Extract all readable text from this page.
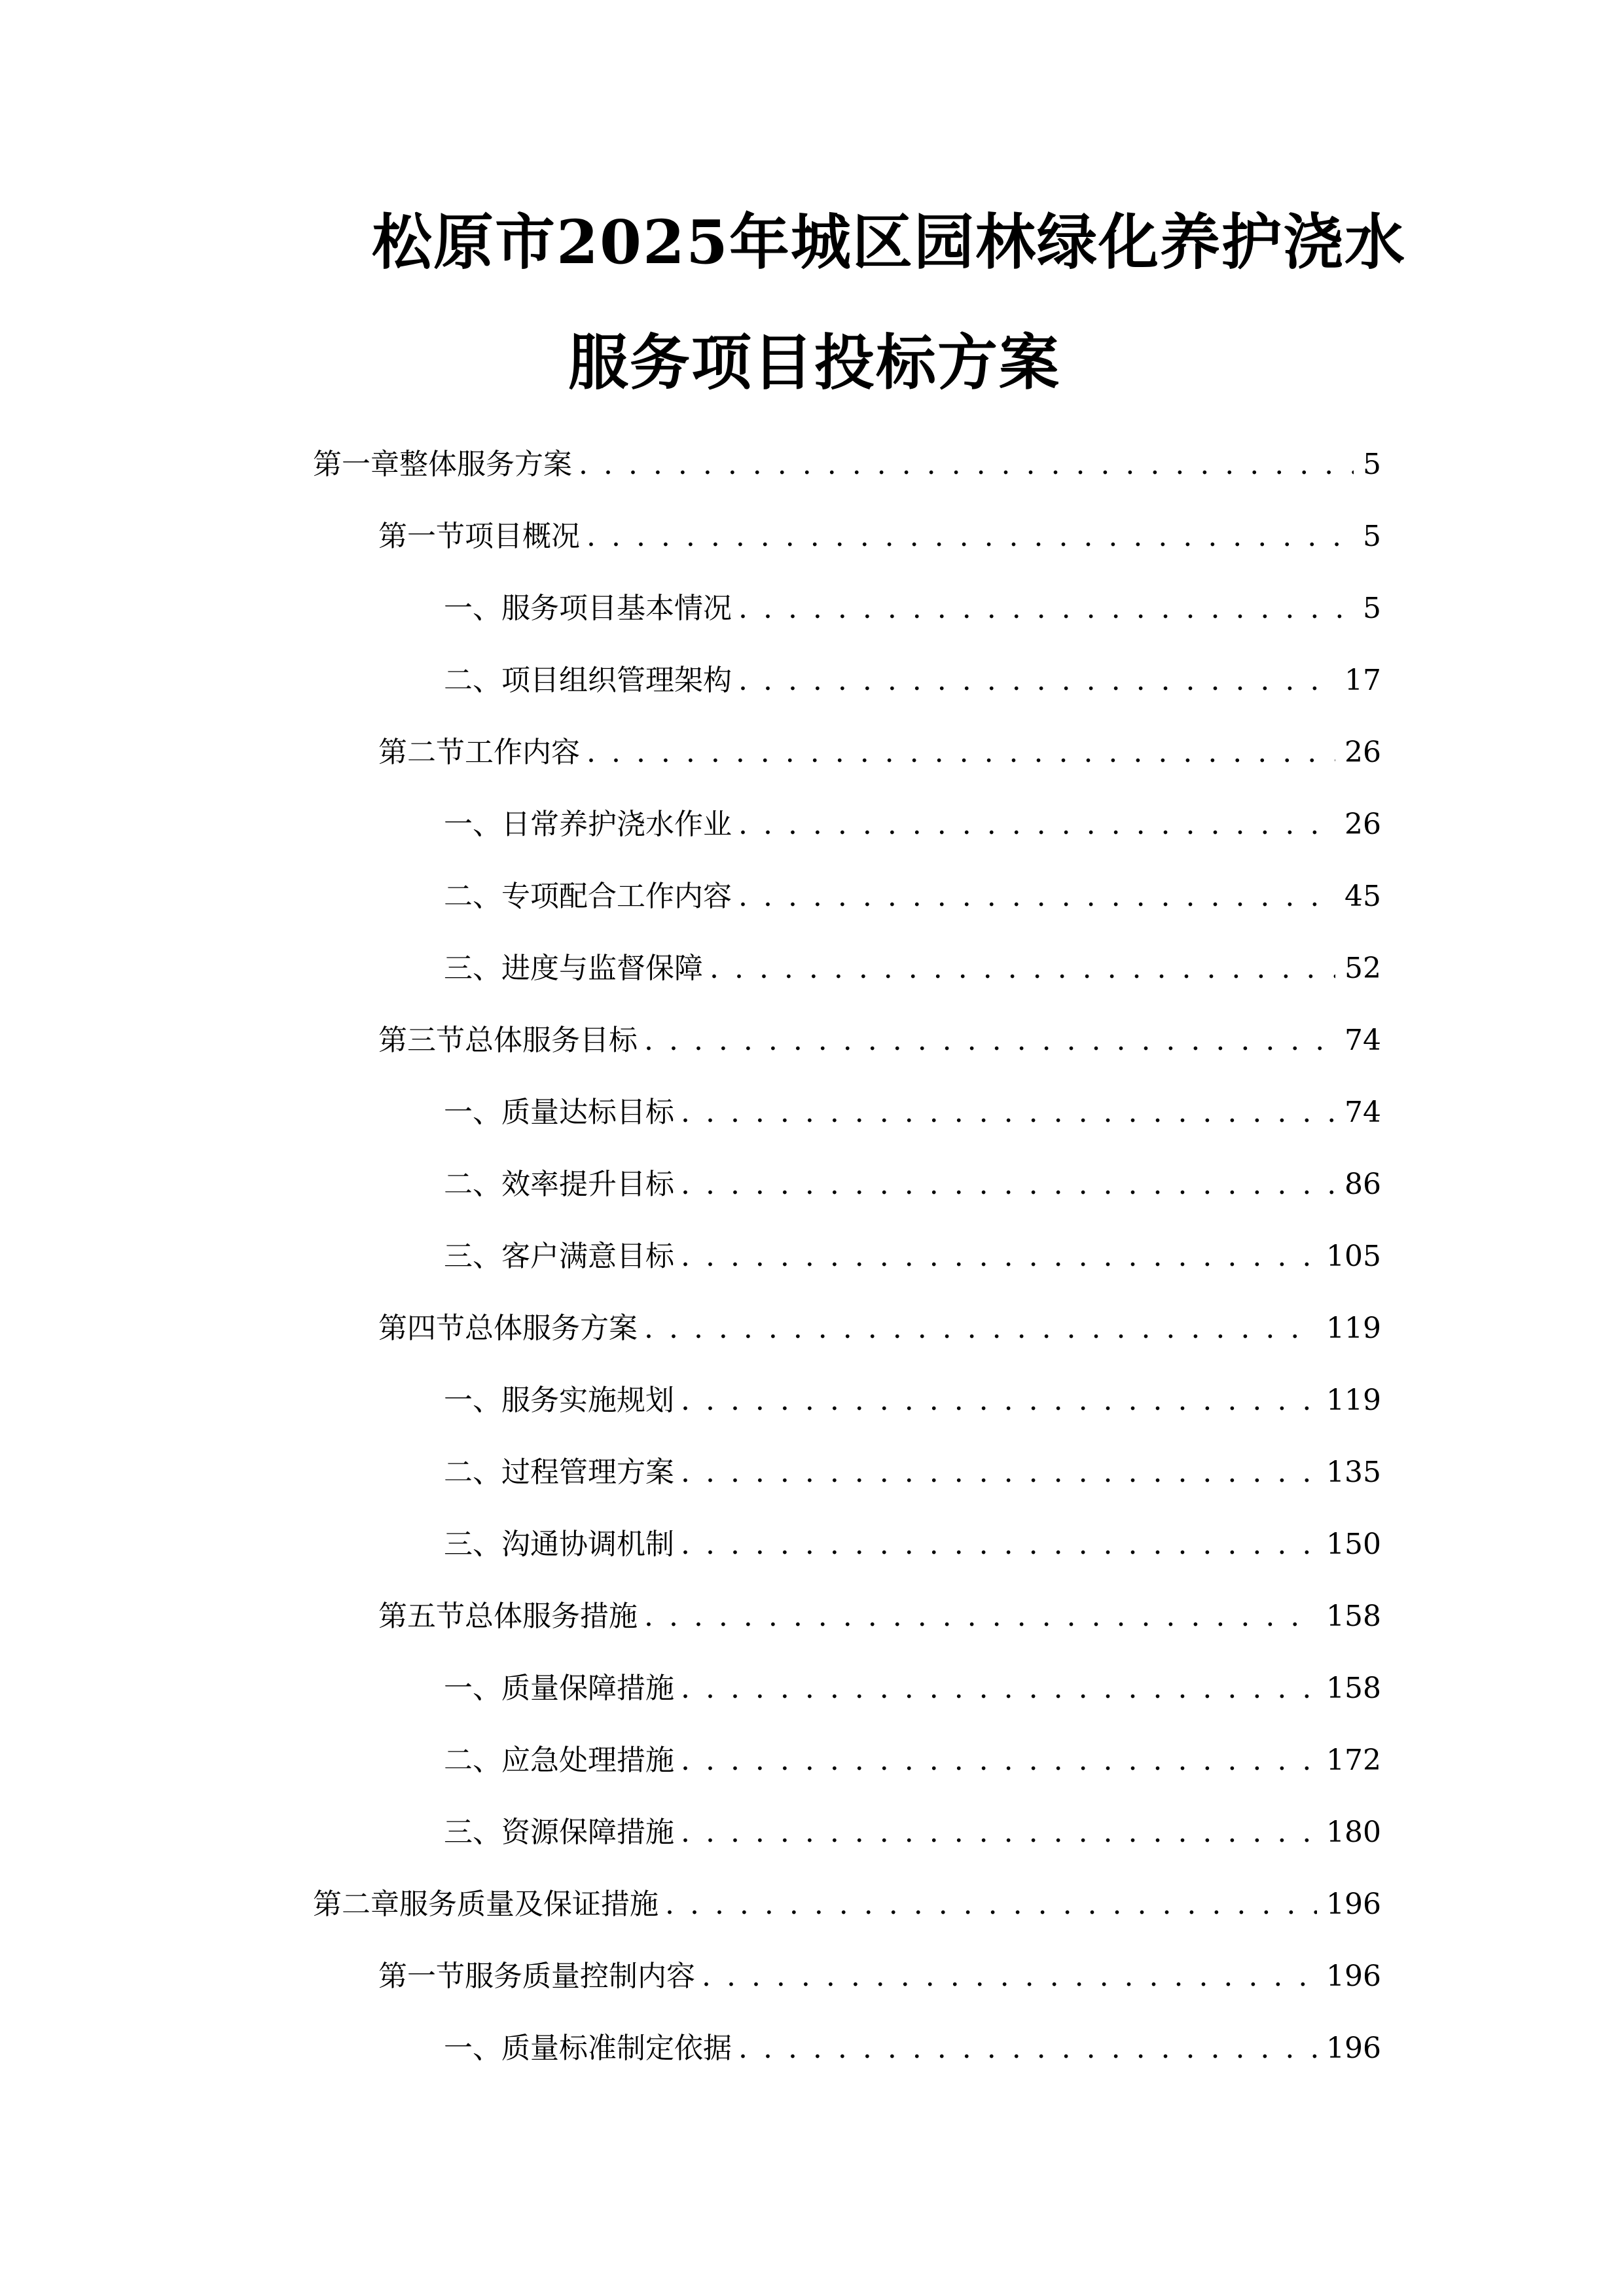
松原市2025年城区园林绿化养护浇水
服务项目投标方案
第一章 整体服务方案 . . .	5
第一节 项目概况 . . .	5
一、 服务项目基本情况 . . .	5
二、 项目组织管理架构 . . .	17
第二节 工作内容 . . .	26
一、 日常养护浇水作业 . . .	26
二、 专项配合工作内容 . . .	45
三、 进度与监督保障 . . .	52
第三节 总体服务目标 . . .	74
一、 质量达标目标 . . .	74
二、 效率提升目标 . . .	86
三、 客户满意目标 . . .	105
第四节 总体服务方案 . . .	119
一、 服务实施规划 . . .	119
二、 过程管理方案 . . .	135
三、 沟通协调机制 . . .	150
第五节 总体服务措施 . . .	158
一、 质量保障措施 . . .	158
二、 应急处理措施 . . .	172
三、 资源保障措施 . . .	180
第二章 服务质量及保证措施 . . .	196
第一节 服务质量控制内容 . . .	196
一、 质量标准制定依据 . . .	196
